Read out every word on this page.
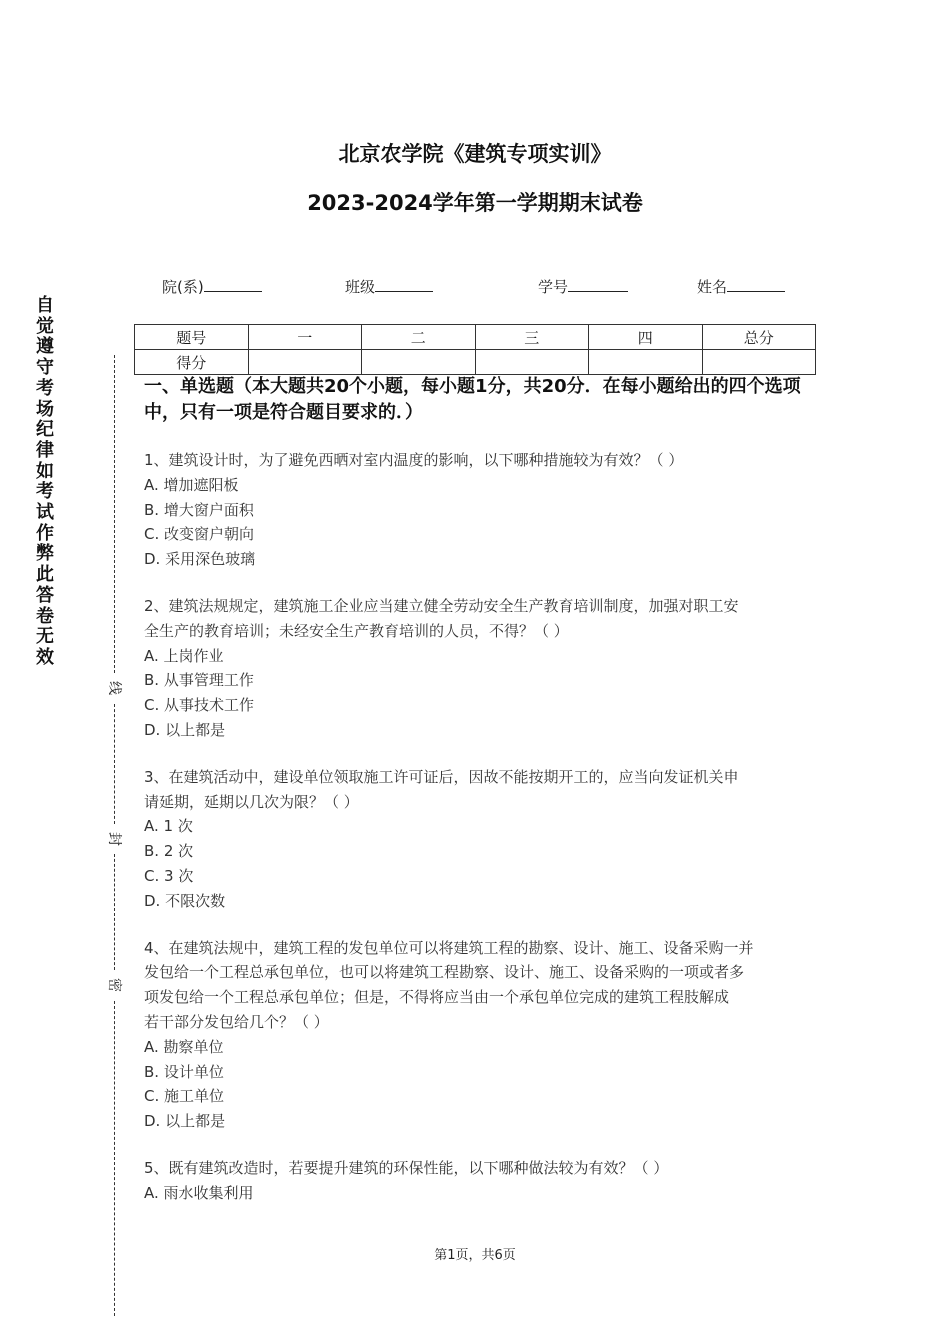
北京农学院《建筑专项实训》
2023-2024学年第一学期期末试卷
院(系)	班级	学号	姓名
题号	一	二	三	四	总分
得分					
自觉遵守考场纪律如考试作弊此答卷无效
线
封
密
一、单选题（本大题共20个小题，每小题1分，共20分．在每小题给出的四个选项中，只有一项是符合题目要求的．）
1、建筑设计时，为了避免西晒对室内温度的影响，以下哪种措施较为有效？（ ）
A. 增加遮阳板
B. 增大窗户面积
C. 改变窗户朝向
D. 采用深色玻璃
2、建筑法规规定，建筑施工企业应当建立健全劳动安全生产教育培训制度，加强对职工安
全生产的教育培训；未经安全生产教育培训的人员，不得？（ ）
A. 上岗作业
B. 从事管理工作
C. 从事技术工作
D. 以上都是
3、在建筑活动中，建设单位领取施工许可证后，因故不能按期开工的，应当向发证机关申
请延期，延期以几次为限？（ ）
A. 1 次
B. 2 次
C. 3 次
D. 不限次数
4、在建筑法规中，建筑工程的发包单位可以将建筑工程的勘察、设计、施工、设备采购一并
发包给一个工程总承包单位，也可以将建筑工程勘察、设计、施工、设备采购的一项或者多
项发包给一个工程总承包单位；但是，不得将应当由一个承包单位完成的建筑工程肢解成
若干部分发包给几个？（ ）
A. 勘察单位
B. 设计单位
C. 施工单位
D. 以上都是
5、既有建筑改造时，若要提升建筑的环保性能，以下哪种做法较为有效？（ ）
A. 雨水收集利用
第1页，共6页
